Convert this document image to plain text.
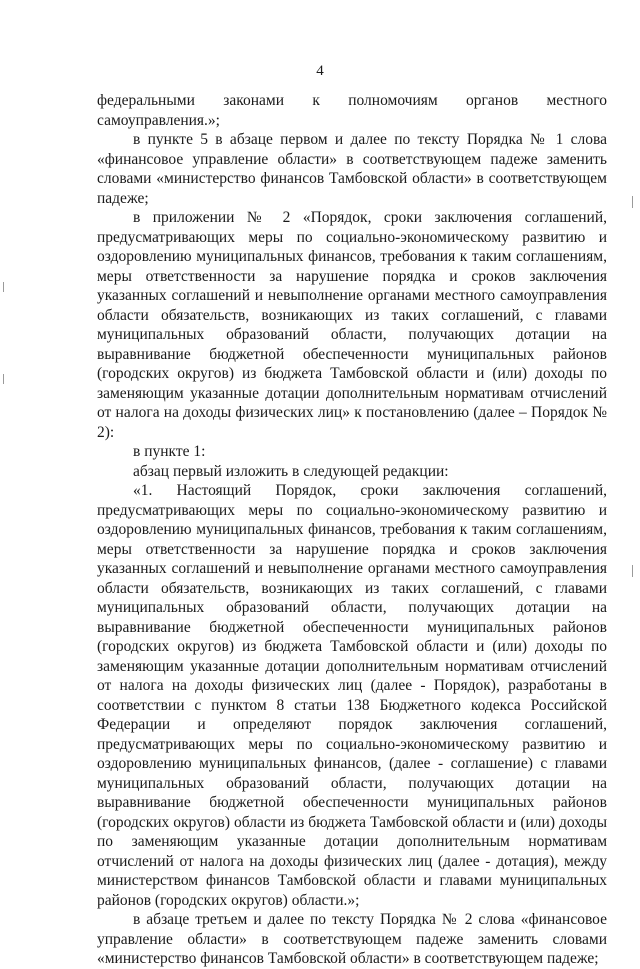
4

федеральными законами к полномочиям органов местного самоуправления.»;

в пункте 5 в абзаце первом и далее по тексту Порядка № 1 слова «финансовое управление области» в соответствующем падеже заменить словами «министерство финансов Тамбовской области» в соответствующем падеже;

в приложении № 2 «Порядок, сроки заключения соглашений, предусматривающих меры по социально-экономическому развитию и оздоровлению муниципальных финансов, требования к таким соглашениям, меры ответственности за нарушение порядка и сроков заключения указанных соглашений и невыполнение органами местного самоуправления области обязательств, возникающих из таких соглашений, с главами муниципальных образований области, получающих дотации на выравнивание бюджетной обеспеченности муниципальных районов (городских округов) из бюджета Тамбовской области и (или) доходы по заменяющим указанные дотации дополнительным нормативам отчислений от налога на доходы физических лиц» к постановлению (далее – Порядок № 2):

в пункте 1:

абзац первый изложить в следующей редакции:

«1. Настоящий Порядок, сроки заключения соглашений, предусматривающих меры по социально-экономическому развитию и оздоровлению муниципальных финансов, требования к таким соглашениям, меры ответственности за нарушение порядка и сроков заключения указанных соглашений и невыполнение органами местного самоуправления области обязательств, возникающих из таких соглашений, с главами муниципальных образований области, получающих дотации на выравнивание бюджетной обеспеченности муниципальных районов (городских округов) из бюджета Тамбовской области и (или) доходы по заменяющим указанные дотации дополнительным нормативам отчислений от налога на доходы физических лиц (далее - Порядок), разработаны в соответствии с пунктом 8 статьи 138 Бюджетного кодекса Российской Федерации и определяют порядок заключения соглашений, предусматривающих меры по социально-экономическому развитию и оздоровлению муниципальных финансов, (далее - соглашение) с главами муниципальных образований области, получающих дотации на выравнивание бюджетной обеспеченности муниципальных районов (городских округов) области из бюджета Тамбовской области и (или) доходы по заменяющим указанные дотации дополнительным нормативам отчислений от налога на доходы физических лиц (далее - дотация), между министерством финансов Тамбовской области и главами муниципальных районов (городских округов) области.»;

в абзаце третьем и далее по тексту Порядка № 2 слова «финансовое управление области» в соответствующем падеже заменить словами «министерство финансов Тамбовской области» в соответствующем падеже;
